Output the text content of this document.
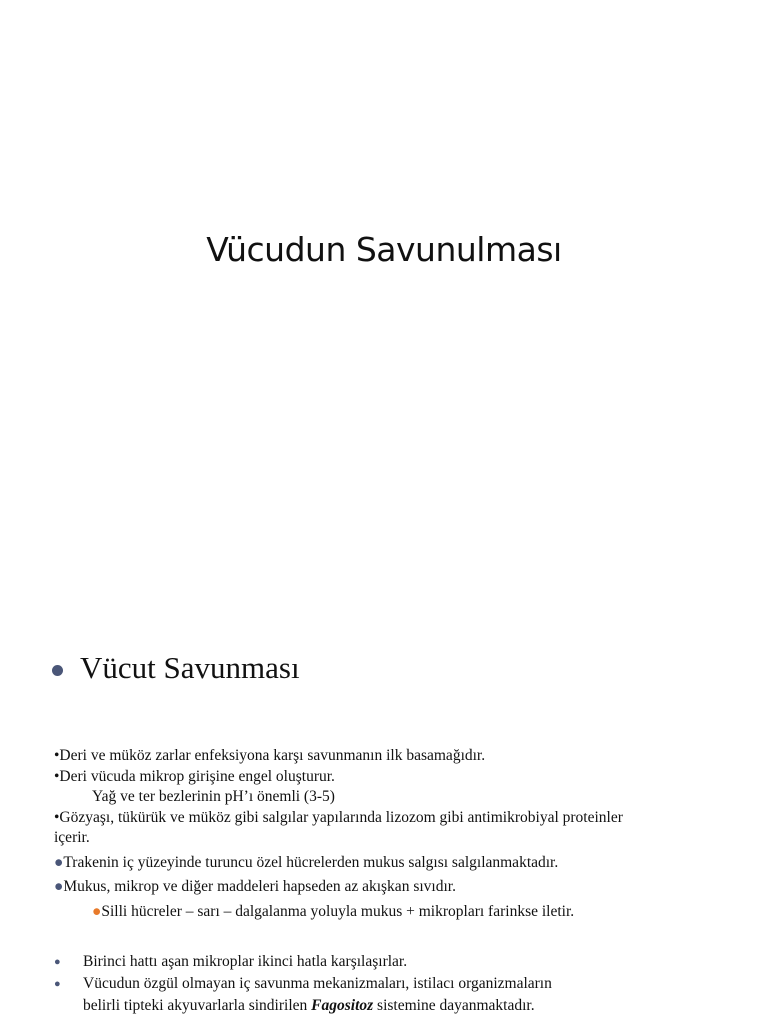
Vücudun Savunulması
Vücut Savunması
•Deri ve müköz zarlar enfeksiyona karşı savunmanın ilk basamağıdır.
•Deri vücuda mikrop girişine engel oluşturur.
Yağ ve ter bezlerinin pH’ı önemli (3-5)
•Gözyaşı, tükürük ve müköz gibi salgılar yapılarında lizozom gibi antimikrobiyal proteinler
içerir.
●Trakenin iç yüzeyinde turuncu özel hücrelerden mukus salgısı salgılanmaktadır.
●Mukus, mikrop ve diğer maddeleri hapseden az akışkan sıvıdır.
●Silli hücreler – sarı – dalgalanma yoluyla mukus + mikropları farinkse iletir.
●	Birinci hattı aşan mikroplar ikinci hatla karşılaşırlar.
●	Vücudun özgül olmayan iç savunma mekanizmaları, istilacı organizmaların
belirli tipteki akyuvarlarla sindirilen Fagositoz sistemine dayanmaktadır.
